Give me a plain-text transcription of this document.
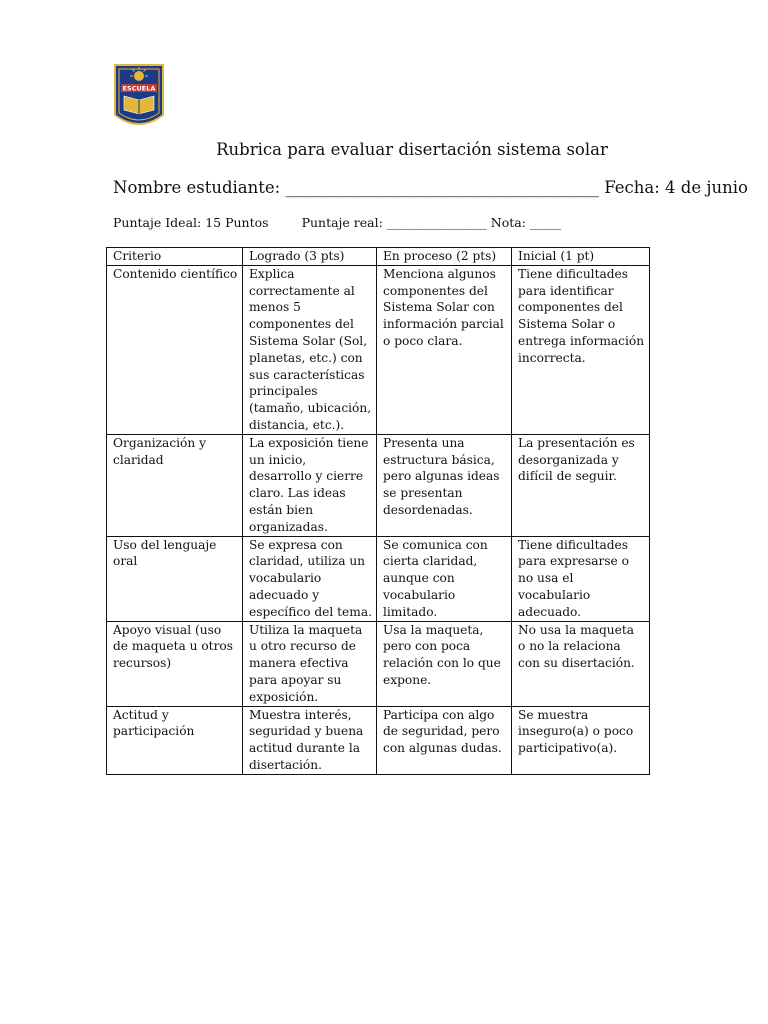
ESCUELA
Rubrica para evaluar disertación sistema solar
Nombre estudiante: ______________________________________ Fecha: 4 de junio
Puntaje Ideal: 15 Puntos	Puntaje real: ________________ Nota: _____
Criterio	Logrado (3 pts)	En proceso (2 pts)	Inicial (1 pt)
Contenido científico	Explica correctamente al menos 5 componentes del Sistema Solar (Sol, planetas, etc.) con sus características principales (tamaño, ubicación, distancia, etc.).	Menciona algunos componentes del Sistema Solar con información parcial o poco clara.	Tiene dificultades para identificar componentes del Sistema Solar o entrega información incorrecta.
Organización y claridad	La exposición tiene un inicio, desarrollo y cierre claro. Las ideas están bien organizadas.	Presenta una estructura básica, pero algunas ideas se presentan desordenadas.	La presentación es desorganizada y difícil de seguir.
Uso del lenguaje oral	Se expresa con claridad, utiliza un vocabulario adecuado y específico del tema.	Se comunica con cierta claridad, aunque con vocabulario limitado.	Tiene dificultades para expresarse o no usa el vocabulario adecuado.
Apoyo visual (uso de maqueta u otros recursos)	Utiliza la maqueta u otro recurso de manera efectiva para apoyar su exposición.	Usa la maqueta, pero con poca relación con lo que expone.	No usa la maqueta o no la relaciona con su disertación.
Actitud y participación	Muestra interés, seguridad y buena actitud durante la disertación.	Participa con algo de seguridad, pero con algunas dudas.	Se muestra inseguro(a) o poco participativo(a).
